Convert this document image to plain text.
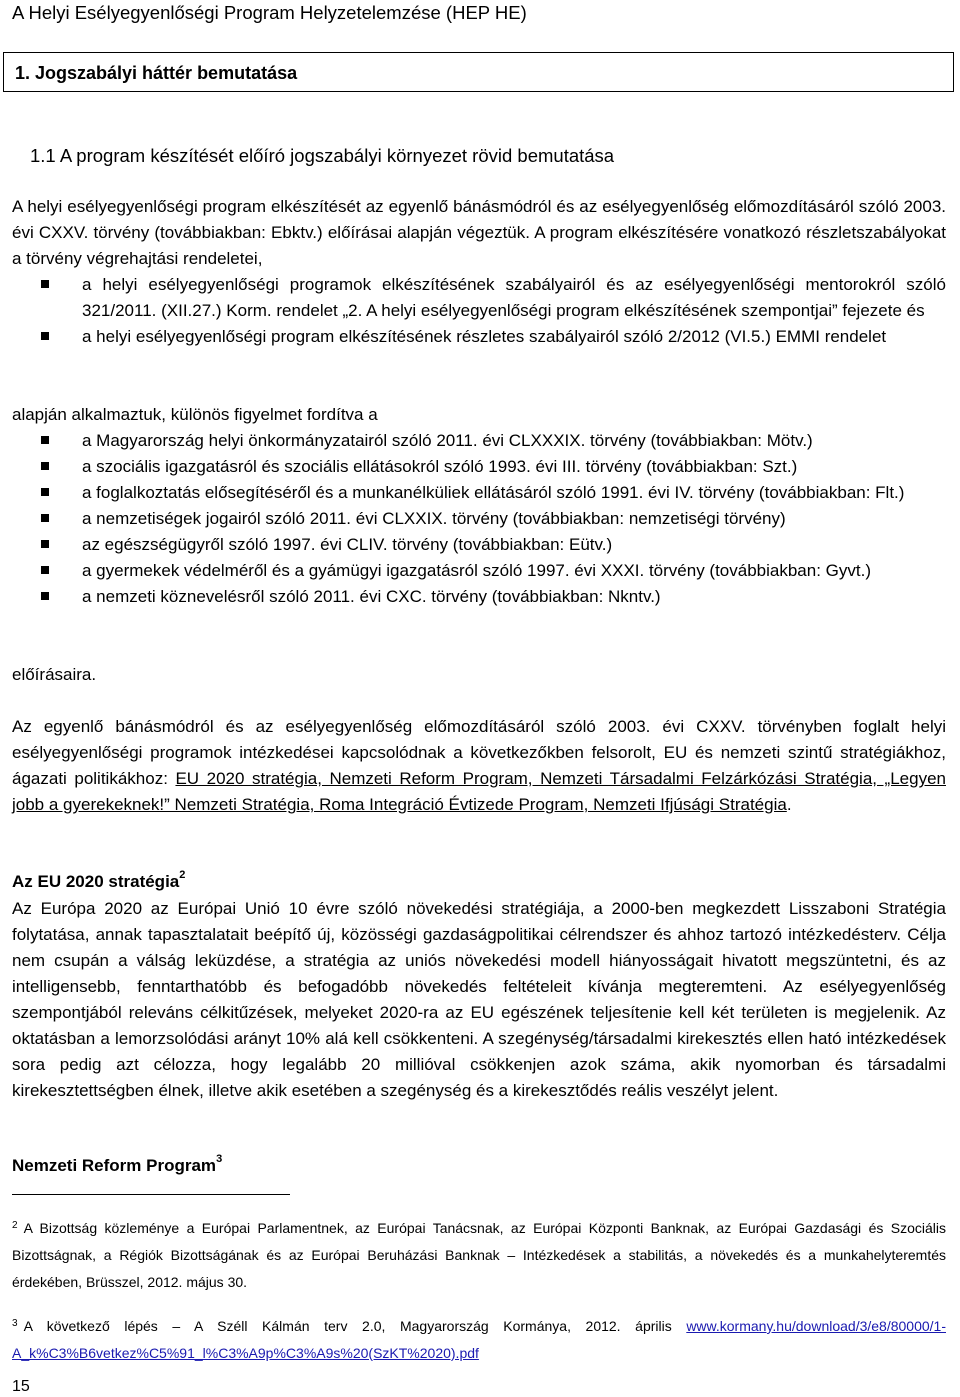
A Helyi Esélyegyenlőségi Program Helyzetelemzése (HEP HE)
1. Jogszabályi háttér bemutatása
1.1 A program készítését előíró jogszabályi környezet rövid bemutatása
A helyi esélyegyenlőségi program elkészítését az egyenlő bánásmódról és az esélyegyenlőség előmozdításáról szóló 2003. évi CXXV. törvény (továbbiakban: Ebktv.) előírásai alapján végeztük. A program elkészítésére vonatkozó részletszabályokat a törvény végrehajtási rendeletei,
a helyi esélyegyenlőségi programok elkészítésének szabályairól és az esélyegyenlőségi mentorokról szóló 321/2011. (XII.27.) Korm. rendelet „2. A helyi esélyegyenlőségi program elkészítésének szempontjai” fejezete és
a helyi esélyegyenlőségi program elkészítésének részletes szabályairól szóló 2/2012 (VI.5.) EMMI rendelet
alapján alkalmaztuk, különös figyelmet fordítva a
a Magyarország helyi önkormányzatairól szóló 2011. évi CLXXXIX. törvény (továbbiakban: Mötv.)
a szociális igazgatásról és szociális ellátásokról szóló 1993. évi III. törvény (továbbiakban: Szt.)
a foglalkoztatás elősegítéséről és a munkanélküliek ellátásáról szóló 1991. évi IV. törvény (továbbiakban: Flt.)
a nemzetiségek jogairól szóló 2011. évi CLXXIX. törvény (továbbiakban: nemzetiségi törvény)
az egészségügyről szóló 1997. évi CLIV. törvény (továbbiakban: Eütv.)
a gyermekek védelméről és a gyámügyi igazgatásról szóló 1997. évi XXXI. törvény (továbbiakban: Gyvt.)
a nemzeti köznevelésről szóló 2011. évi CXC. törvény (továbbiakban: Nkntv.)
előírásaira.
Az egyenlő bánásmódról és az esélyegyenlőség előmozdításáról szóló 2003. évi CXXV. törvényben foglalt helyi esélyegyenlőségi programok intézkedései kapcsolódnak a következőkben felsorolt, EU és nemzeti szintű stratégiákhoz, ágazati politikákhoz: EU 2020 stratégia, Nemzeti Reform Program, Nemzeti Társadalmi Felzárkózási Stratégia, „Legyen jobb a gyerekeknek!” Nemzeti Stratégia, Roma Integráció Évtizede Program, Nemzeti Ifjúsági Stratégia.
Az EU 2020 stratégia$^2$
Az Európa 2020 az Európai Unió 10 évre szóló növekedési stratégiája, a 2000-ben megkezdett Lisszaboni Stratégia folytatása, annak tapasztalatait beépítő új, közösségi gazdaságpolitikai célrendszer és ahhoz tartozó intézkedésterv. Célja nem csupán a válság leküzdése, a stratégia az uniós növekedési modell hiányosságait hivatott megszüntetni, és az intelligensebb, fenntarthatóbb és befogadóbb növekedés feltételeit kívánja megteremteni. Az esélyegyenlőség szempontjából releváns célkitűzések, melyeket 2020-ra az EU egészének teljesítenie kell két területen is megjelenik. Az oktatásban a lemorzsolódási arányt 10% alá kell csökkenteni. A szegénység/társadalmi kirekesztés ellen ható intézkedések sora pedig azt célozza, hogy legalább 20 millióval csökkenjen azok száma, akik nyomorban és társadalmi kirekesztettségben élnek, illetve akik esetében a szegénység és a kirekesztődés reális veszélyt jelent.
Nemzeti Reform Program$^3$
$^2$ A Bizottság közleménye a Európai Parlamentnek, az Európai Tanácsnak, az Európai Központi Banknak, az Európai Gazdasági és Szociális Bizottságnak, a Régiók Bizottságának és az Európai Beruházási Banknak – Intézkedések a stabilitás, a növekedés és a munkahelyteremtés érdekében, Brüsszel, 2012. május 30.
$^3$ A következő lépés – A Széll Kálmán terv 2.0, Magyarország Kormánya, 2012. április www.kormany.hu/download/3/e8/80000/1-A_k%C3%B6vetkez%C5%91_l%C3%A9p%C3%A9s%20(SzKT%2020).pdf
15
